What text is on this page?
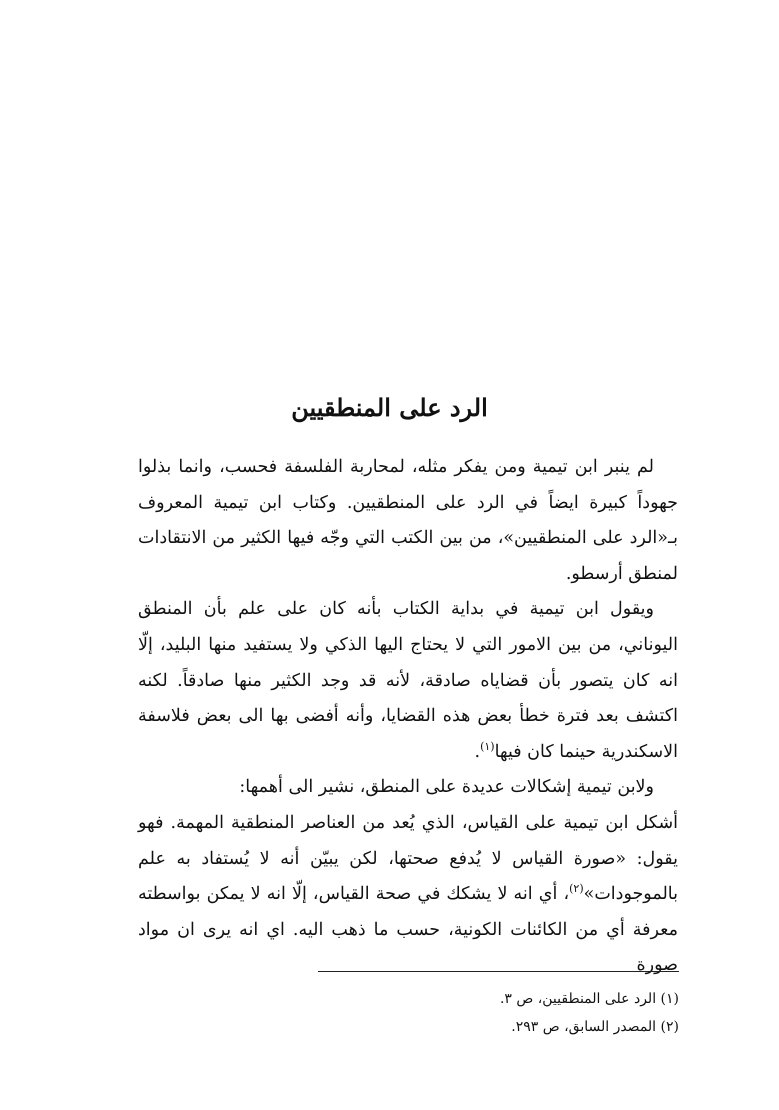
الرد على المنطقيين

لم ينبر ابن تيمية ومن يفكر مثله، لمحاربة الفلسفة فحسب، وانما بذلوا جهوداً كبيرة ايضاً في الرد على المنطقيين. وكتاب ابن تيمية المعروف بـ«الرد على المنطقيين»، من بين الكتب التي وجّه فيها الكثير من الانتقادات لمنطق أرسطو.

ويقول ابن تيمية في بداية الكتاب بأنه كان على علم بأن المنطق اليوناني، من بين الامور التي لا يحتاج اليها الذكي ولا يستفيد منها البليد، إلّا انه كان يتصور بأن قضاياه صادقة، لأنه قد وجد الكثير منها صادقاً. لكنه اكتشف بعد فترة خطأ بعض هذه القضايا، وأنه أفضى بها الى بعض فلاسفة الاسكندرية حينما كان فيها$^{(١)}$.

ولابن تيمية إشكالات عديدة على المنطق، نشير الى أهمها:

أشكل ابن تيمية على القياس، الذي يُعد من العناصر المنطقية المهمة. فهو يقول: «صورة القياس لا يُدفع صحتها، لكن يبيّن أنه لا يُستفاد به علم بالموجودات»$^{(٢)}$، أي انه لا يشكك في صحة القياس، إلّا انه لا يمكن بواسطته معرفة أي من الكائنات الكونية، حسب ما ذهب اليه. اي انه يرى ان مواد صورة

(١) الرد على المنطقيين، ص ٣.

(٢) المصدر السابق، ص ٢٩٣.
